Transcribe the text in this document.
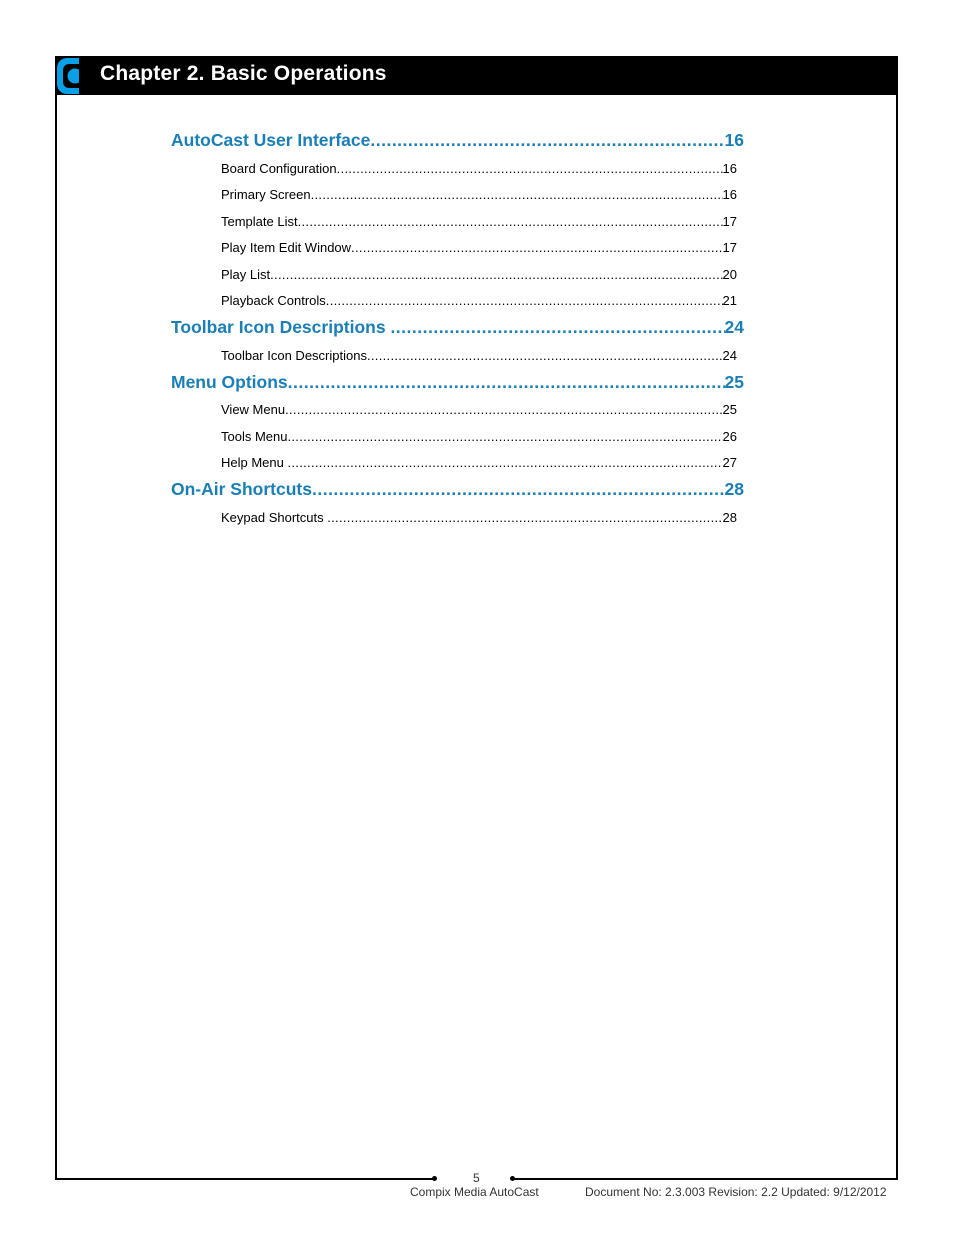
Chapter 2. Basic Operations
AutoCast User Interface .....	16
Board Configuration .....	16
Primary Screen .....	16
Template List .....	17
Play Item Edit Window .....	17
Play List .....	20
Playback Controls .....	21
Toolbar Icon Descriptions .....	24
Toolbar Icon Descriptions .....	24
Menu Options .....	25
View Menu .....	25
Tools Menu .....	26
Help Menu .....	27
On-Air Shortcuts .....	28
Keypad Shortcuts .....	28
5
Compix Media AutoCast	Document No: 2.3.003 Revision: 2.2 Updated: 9/12/2012
